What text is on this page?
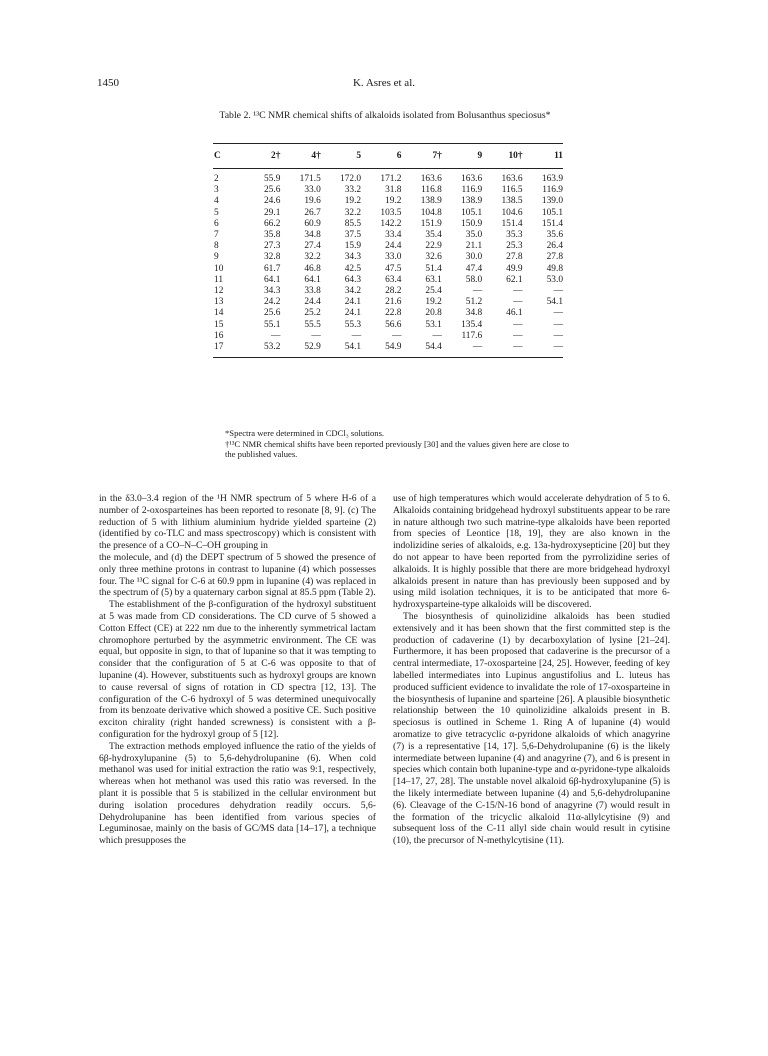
1450	K. Asres et al.
Table 2. ¹³C NMR chemical shifts of alkaloids isolated from Bolusanthus speciosus*
C	2†	4†	5	6	7†	9	10†	11
2	55.9	171.5	172.0	171.2	163.6	163.6	163.6	163.9
3	25.6	33.0	33.2	31.8	116.8	116.9	116.5	116.9
4	24.6	19.6	19.2	19.2	138.9	138.9	138.5	139.0
5	29.1	26.7	32.2	103.5	104.8	105.1	104.6	105.1
6	66.2	60.9	85.5	142.2	151.9	150.9	151.4	151.4
7	35.8	34.8	37.5	33.4	35.4	35.0	35.3	35.6
8	27.3	27.4	15.9	24.4	22.9	21.1	25.3	26.4
9	32.8	32.2	34.3	33.0	32.6	30.0	27.8	27.8
10	61.7	46.8	42.5	47.5	51.4	47.4	49.9	49.8
11	64.1	64.1	64.3	63.4	63.1	58.0	62.1	53.0
12	34.3	33.8	34.2	28.2	25.4	—	—	—
13	24.2	24.4	24.1	21.6	19.2	51.2	—	54.1
14	25.6	25.2	24.1	22.8	20.8	34.8	46.1	—
15	55.1	55.5	55.3	56.6	53.1	135.4	—	—
16	—	—	—	—	—	117.6	—	—
17	53.2	52.9	54.1	54.9	54.4	—	—	—

*Spectra were determined in CDCl₃ solutions.

†¹³C NMR chemical shifts have been reported previously [30] and the values given here are close to the published values.

in the δ3.0–3.4 region of the ¹H NMR spectrum of 5 where H-6 of a number of 2-oxosparteines has been reported to resonate [8, 9]. (c) The reduction of 5 with lithium aluminium hydride yielded sparteine (2) (identified by co-TLC and mass spectroscopy) which is consistent with the presence of a CO–N–C–OH grouping in

the molecule, and (d) the DEPT spectrum of 5 showed the presence of only three methine protons in contrast to lupanine (4) which possesses four. The ¹³C signal for C-6 at 60.9 ppm in lupanine (4) was replaced in the spectrum of (5) by a quaternary carbon signal at 85.5 ppm (Table 2).

The establishment of the β-configuration of the hydroxyl substituent at 5 was made from CD considerations. The CD curve of 5 showed a Cotton Effect (CE) at 222 nm due to the inherently symmetrical lactam chromophore perturbed by the asymmetric environment. The CE was equal, but opposite in sign, to that of lupanine so that it was tempting to consider that the configuration of 5 at C-6 was opposite to that of lupanine (4). However, substituents such as hydroxyl groups are known to cause reversal of signs of rotation in CD spectra [12, 13]. The configuration of the C-6 hydroxyl of 5 was determined unequivocally from its benzoate derivative which showed a positive CE. Such positive exciton chirality (right handed screwness) is consistent with a β-configuration for the hydroxyl group of 5 [12].

The extraction methods employed influence the ratio of the yields of 6β-hydroxylupanine (5) to 5,6-dehydrolupanine (6). When cold methanol was used for initial extraction the ratio was 9:1, respectively, whereas when hot methanol was used this ratio was reversed. In the plant it is possible that 5 is stabilized in the cellular environment but during isolation procedures dehydration readily occurs. 5,6-Dehydrolupanine has been identified from various species of Leguminosae, mainly on the basis of GC/MS data [14–17], a technique which presupposes the

use of high temperatures which would accelerate dehydration of 5 to 6. Alkaloids containing bridgehead hydroxyl substituents appear to be rare in nature although two such matrine-type alkaloids have been reported from species of Leontice [18, 19], they are also known in the indolizidine series of alkaloids, e.g. 13a-hydroxysepticine [20] but they do not appear to have been reported from the pyrrolizidine series of alkaloids. It is highly possible that there are more bridgehead hydroxyl alkaloids present in nature than has previously been supposed and by using mild isolation techniques, it is to be anticipated that more 6-hydroxysparteine-type alkaloids will be discovered.

The biosynthesis of quinolizidine alkaloids has been studied extensively and it has been shown that the first committed step is the production of cadaverine (1) by decarboxylation of lysine [21–24]. Furthermore, it has been proposed that cadaverine is the precursor of a central intermediate, 17-oxosparteine [24, 25]. However, feeding of key labelled intermediates into Lupinus angustifolius and L. luteus has produced sufficient evidence to invalidate the role of 17-oxosparteine in the biosynthesis of lupanine and sparteine [26]. A plausible biosynthetic relationship between the 10 quinolizidine alkaloids present in B. speciosus is outlined in Scheme 1. Ring A of lupanine (4) would aromatize to give tetracyclic α-pyridone alkaloids of which anagyrine (7) is a representative [14, 17]. 5,6-Dehydrolupanine (6) is the likely intermediate between lupanine (4) and anagyrine (7), and 6 is present in species which contain both lupanine-type and α-pyridone-type alkaloids [14–17, 27, 28]. The unstable novel alkaloid 6β-hydroxylupanine (5) is the likely intermediate between lupanine (4) and 5,6-dehydrolupanine (6). Cleavage of the C-15/N-16 bond of anagyrine (7) would result in the formation of the tricyclic alkaloid 11α-allylcytisine (9) and subsequent loss of the C-11 allyl side chain would result in cytisine (10), the precursor of N-methylcytisine (11).
